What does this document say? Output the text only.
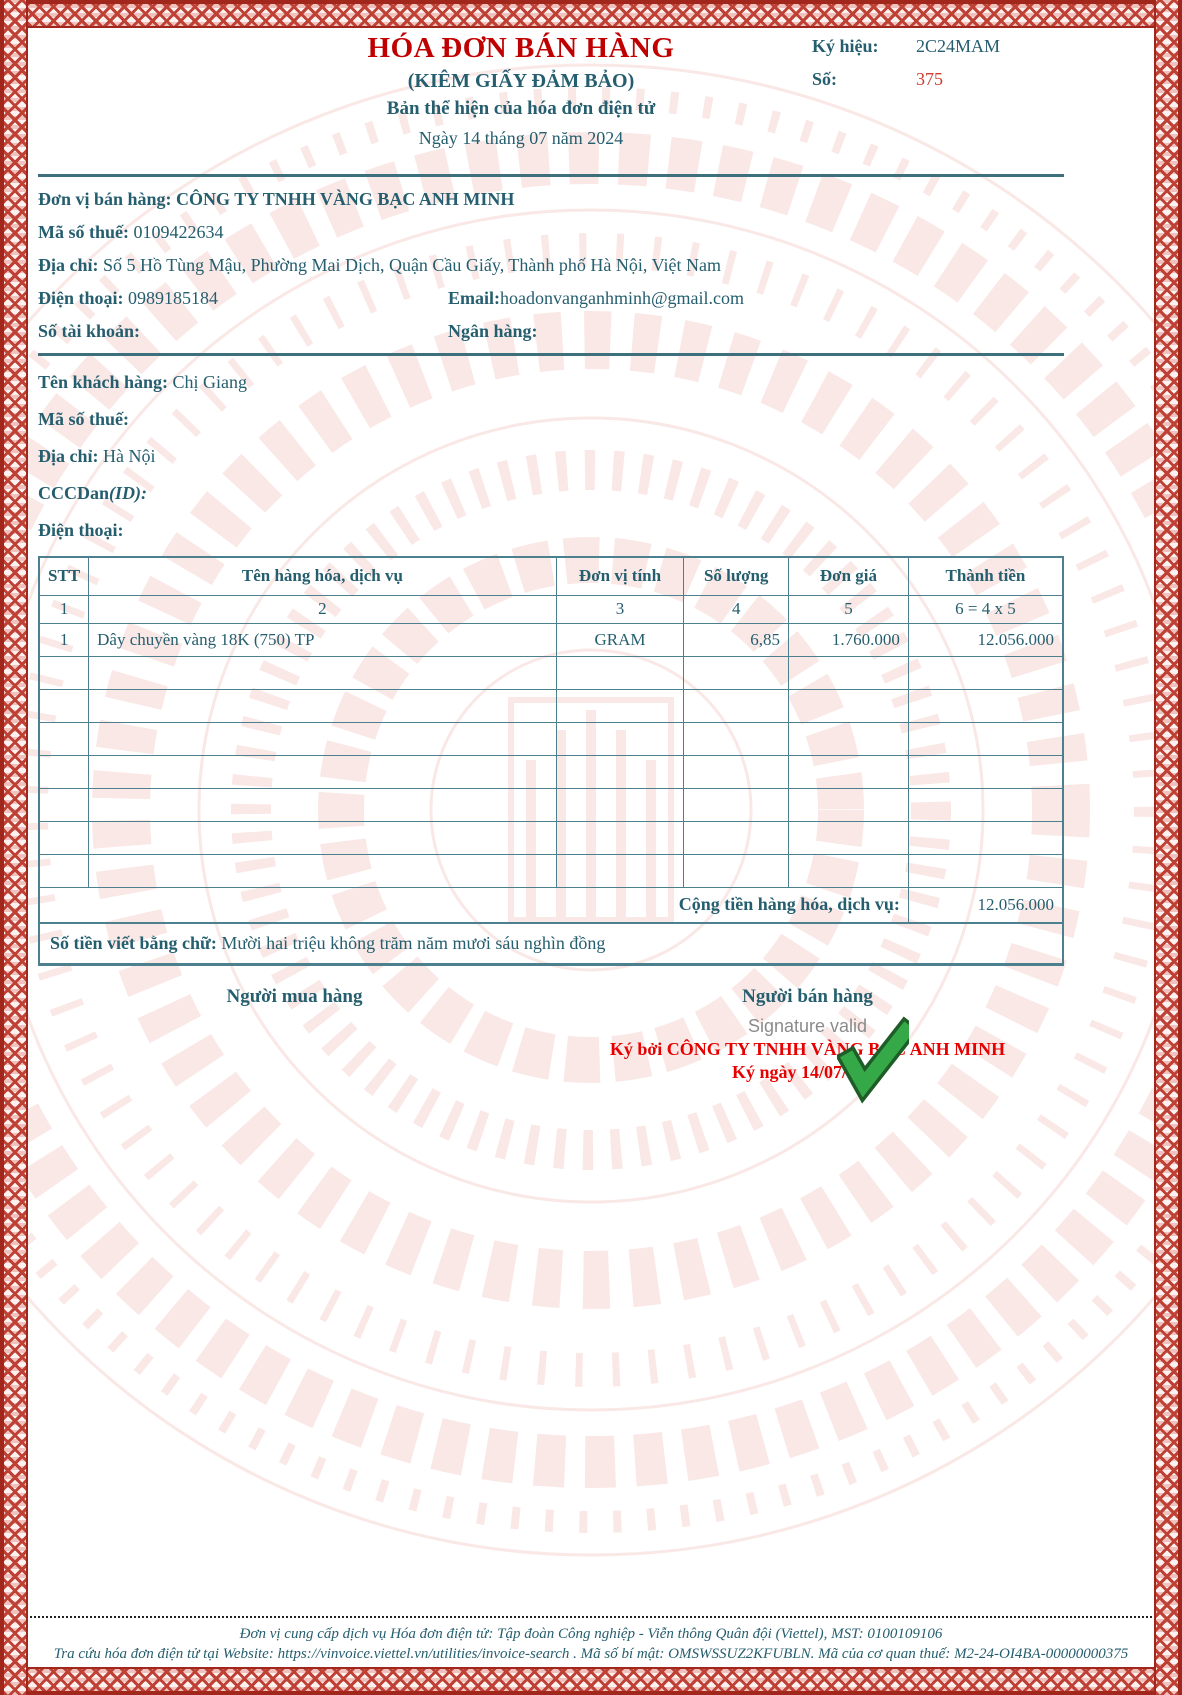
HÓA ĐƠN BÁN HÀNG
(KIÊM GIẤY ĐẢM BẢO)
Bản thể hiện của hóa đơn điện tử
Ngày 14 tháng 07 năm 2024
Ký hiệu:	2C24MAM
Số:	375
Đơn vị bán hàng: CÔNG TY TNHH VÀNG BẠC ANH MINH
Mã số thuế: 0109422634
Địa chỉ: Số 5 Hồ Tùng Mậu, Phường Mai Dịch, Quận Cầu Giấy, Thành phố Hà Nội, Việt Nam
Điện thoại: 0989185184	Email:hoadonvanganhminh@gmail.com
Số tài khoản:	Ngân hàng:
Tên khách hàng: Chị Giang
Mã số thuế:
Địa chỉ: Hà Nội
CCCDan(ID):
Điện thoại:
STT	Tên hàng hóa, dịch vụ	Đơn vị tính	Số lượng	Đơn giá	Thành tiền
1	2	3	4	5	6 = 4 x 5
1	Dây chuyền vàng 18K (750) TP	GRAM	6,85	1.760.000	12.056.000

Cộng tiền hàng hóa, dịch vụ:					12.056.000
Số tiền viết bằng chữ: Mười hai triệu không trăm năm mươi sáu nghìn đồng
Người mua hàng	Người bán hàng
Signature valid
Ký bởi CÔNG TY TNHH VÀNG BẠC ANH MINH
Ký ngày 14/07/2024
Đơn vị cung cấp dịch vụ Hóa đơn điện tử: Tập đoàn Công nghiệp - Viễn thông Quân đội (Viettel), MST: 0100109106
Tra cứu hóa đơn điện tử tại Website: https://vinvoice.viettel.vn/utilities/invoice-search . Mã số bí mật: OMSWSSUZ2KFUBLN. Mã của cơ quan thuế: M2-24-OI4BA-00000000375
